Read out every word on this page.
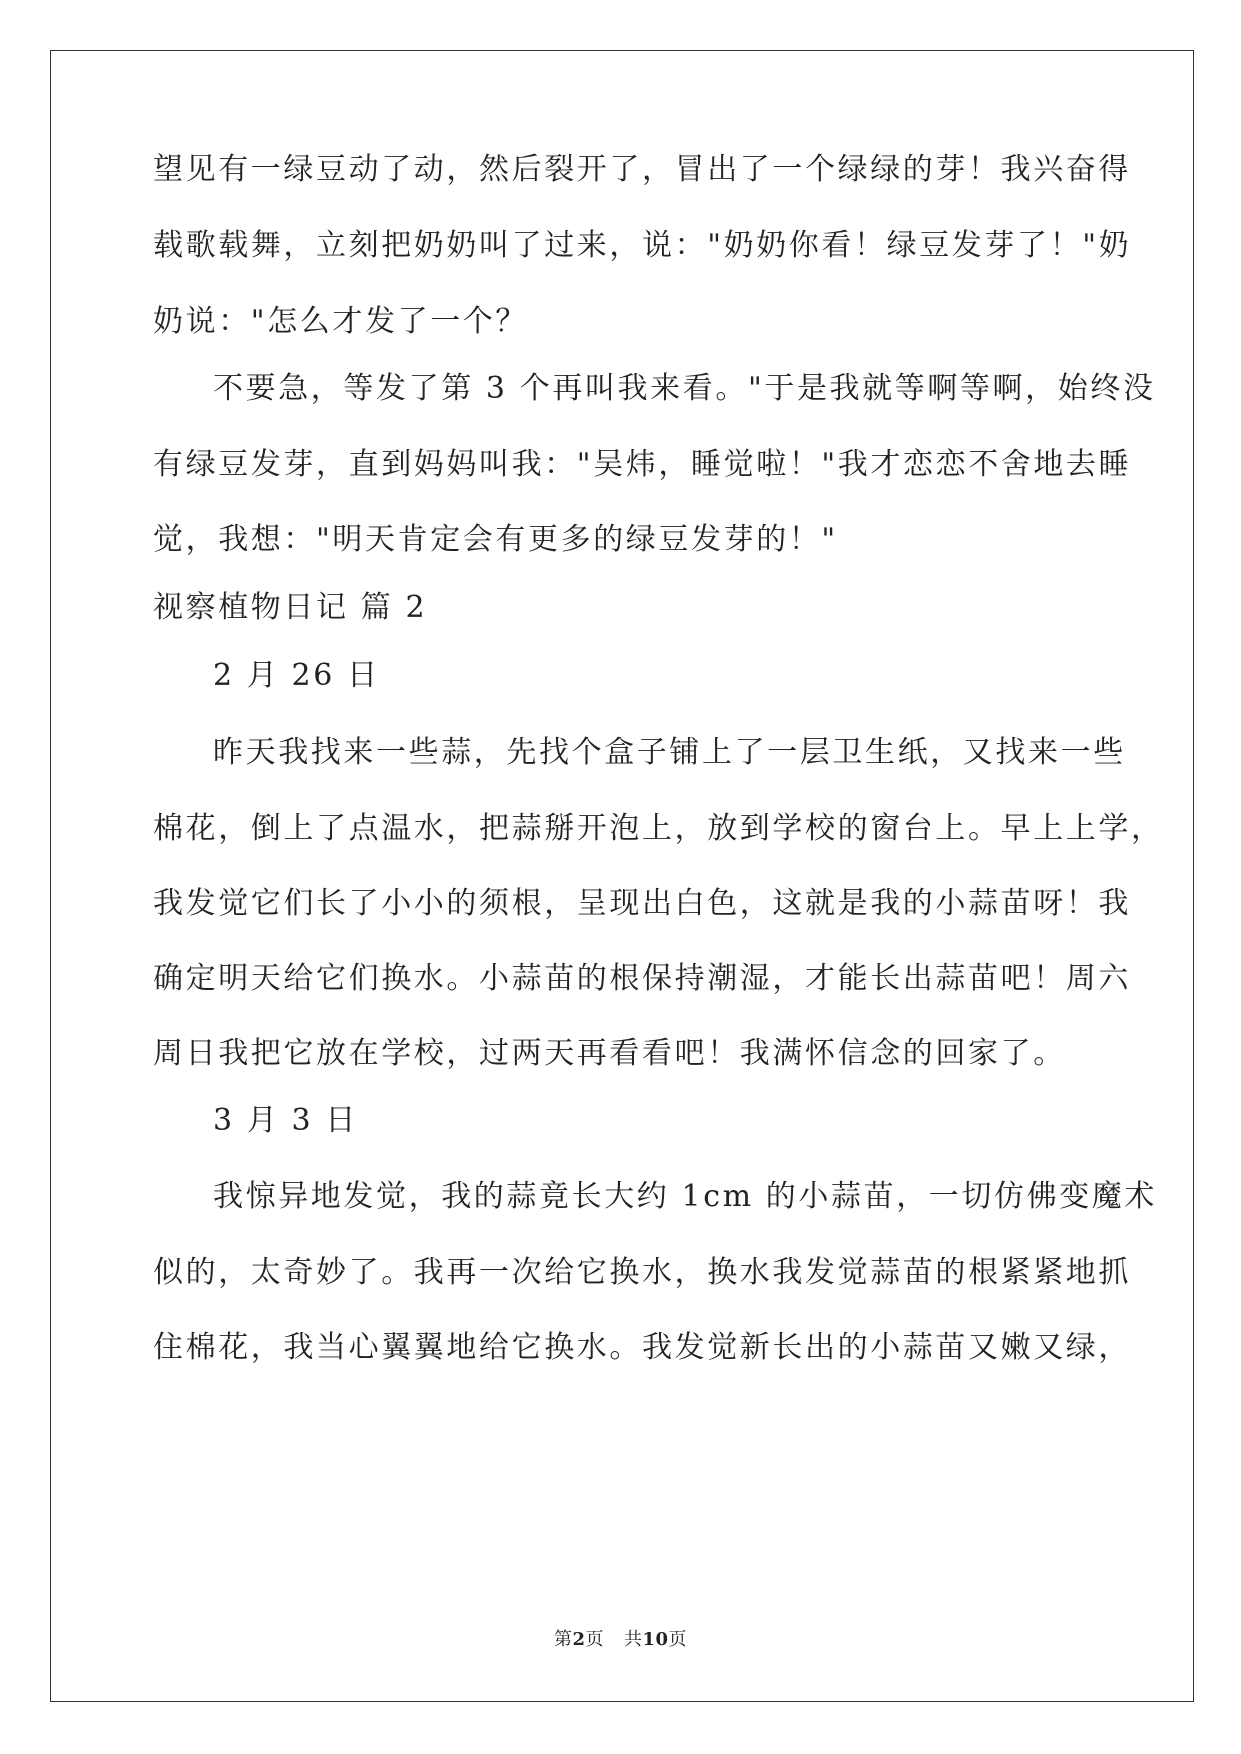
望见有一绿豆动了动，然后裂开了，冒出了一个绿绿的芽！我兴奋得
载歌载舞，立刻把奶奶叫了过来，说："奶奶你看！绿豆发芽了！"奶
奶说："怎么才发了一个？
不要急，等发了第 3 个再叫我来看。"于是我就等啊等啊，始终没
有绿豆发芽，直到妈妈叫我："吴炜，睡觉啦！"我才恋恋不舍地去睡
觉，我想："明天肯定会有更多的绿豆发芽的！"
视察植物日记 篇 2
2 月 26 日
昨天我找来一些蒜，先找个盒子铺上了一层卫生纸，又找来一些
棉花，倒上了点温水，把蒜掰开泡上，放到学校的窗台上。早上上学，
我发觉它们长了小小的须根，呈现出白色，这就是我的小蒜苗呀！我
确定明天给它们换水。小蒜苗的根保持潮湿，才能长出蒜苗吧！周六
周日我把它放在学校，过两天再看看吧！我满怀信念的回家了。
3 月 3 日
我惊异地发觉，我的蒜竟长大约 1cm 的小蒜苗，一切仿佛变魔术
似的，太奇妙了。我再一次给它换水，换水我发觉蒜苗的根紧紧地抓
住棉花，我当心翼翼地给它换水。我发觉新长出的小蒜苗又嫩又绿，
第2页 共10页
